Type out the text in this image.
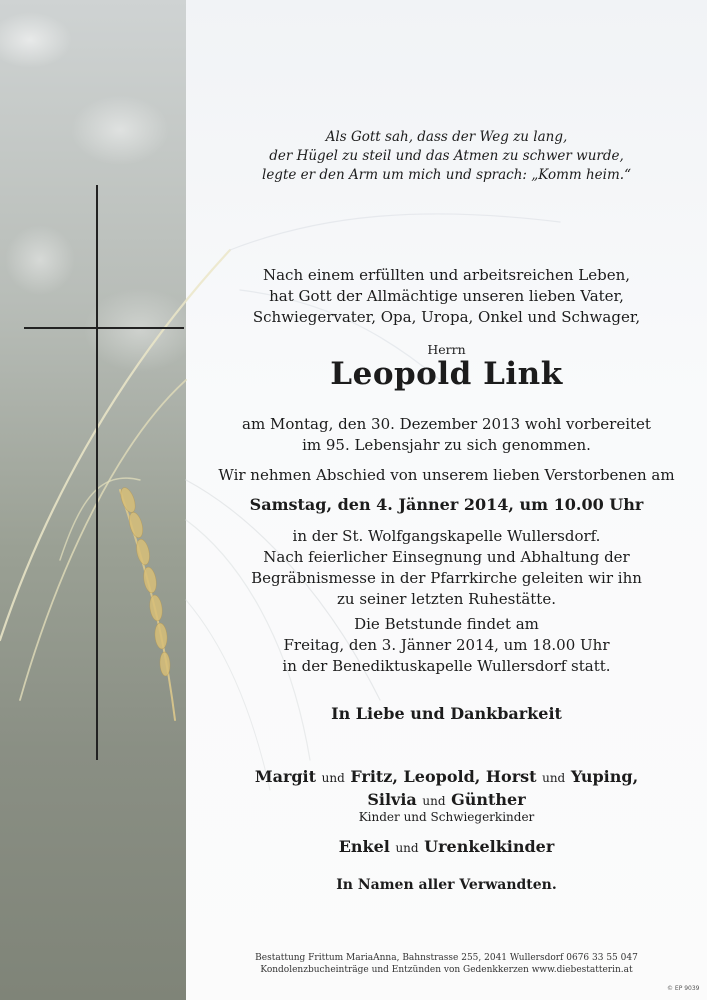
Als Gott sah, dass der Weg zu lang,
der Hügel zu steil und das Atmen zu schwer wurde,
legte er den Arm um mich und sprach: „Komm heim.“
Nach einem erfüllten und arbeitsreichen Leben,
hat Gott der Allmächtige unseren lieben Vater,
Schwiegervater, Opa, Uropa, Onkel und Schwager,
Herrn
Leopold Link
am Montag, den 30. Dezember 2013 wohl vorbereitet
im 95. Lebensjahr zu sich genommen.
Wir nehmen Abschied von unserem lieben Verstorbenen am
Samstag, den 4. Jänner 2014, um 10.00 Uhr
in der St. Wolfgangskapelle Wullersdorf.
Nach feierlicher Einsegnung und Abhaltung der
Begräbnismesse in der Pfarrkirche geleiten wir ihn
zu seiner letzten Ruhestätte.
Die Betstunde findet am
Freitag, den 3. Jänner 2014, um 18.00 Uhr
in der Benediktuskapelle Wullersdorf statt.
In Liebe und Dankbarkeit
Margit und Fritz, Leopold, Horst und Yuping,
Silvia und Günther
Kinder und Schwiegerkinder
Enkel und Urenkelkinder
In Namen aller Verwandten.
Bestattung Frittum MariaAnna, Bahnstrasse 255, 2041 Wullersdorf 0676 33 55 047
Kondolenzbucheinträge und Entzünden von Gedenkkerzen www.diebestatterin.at
© EP 9039
